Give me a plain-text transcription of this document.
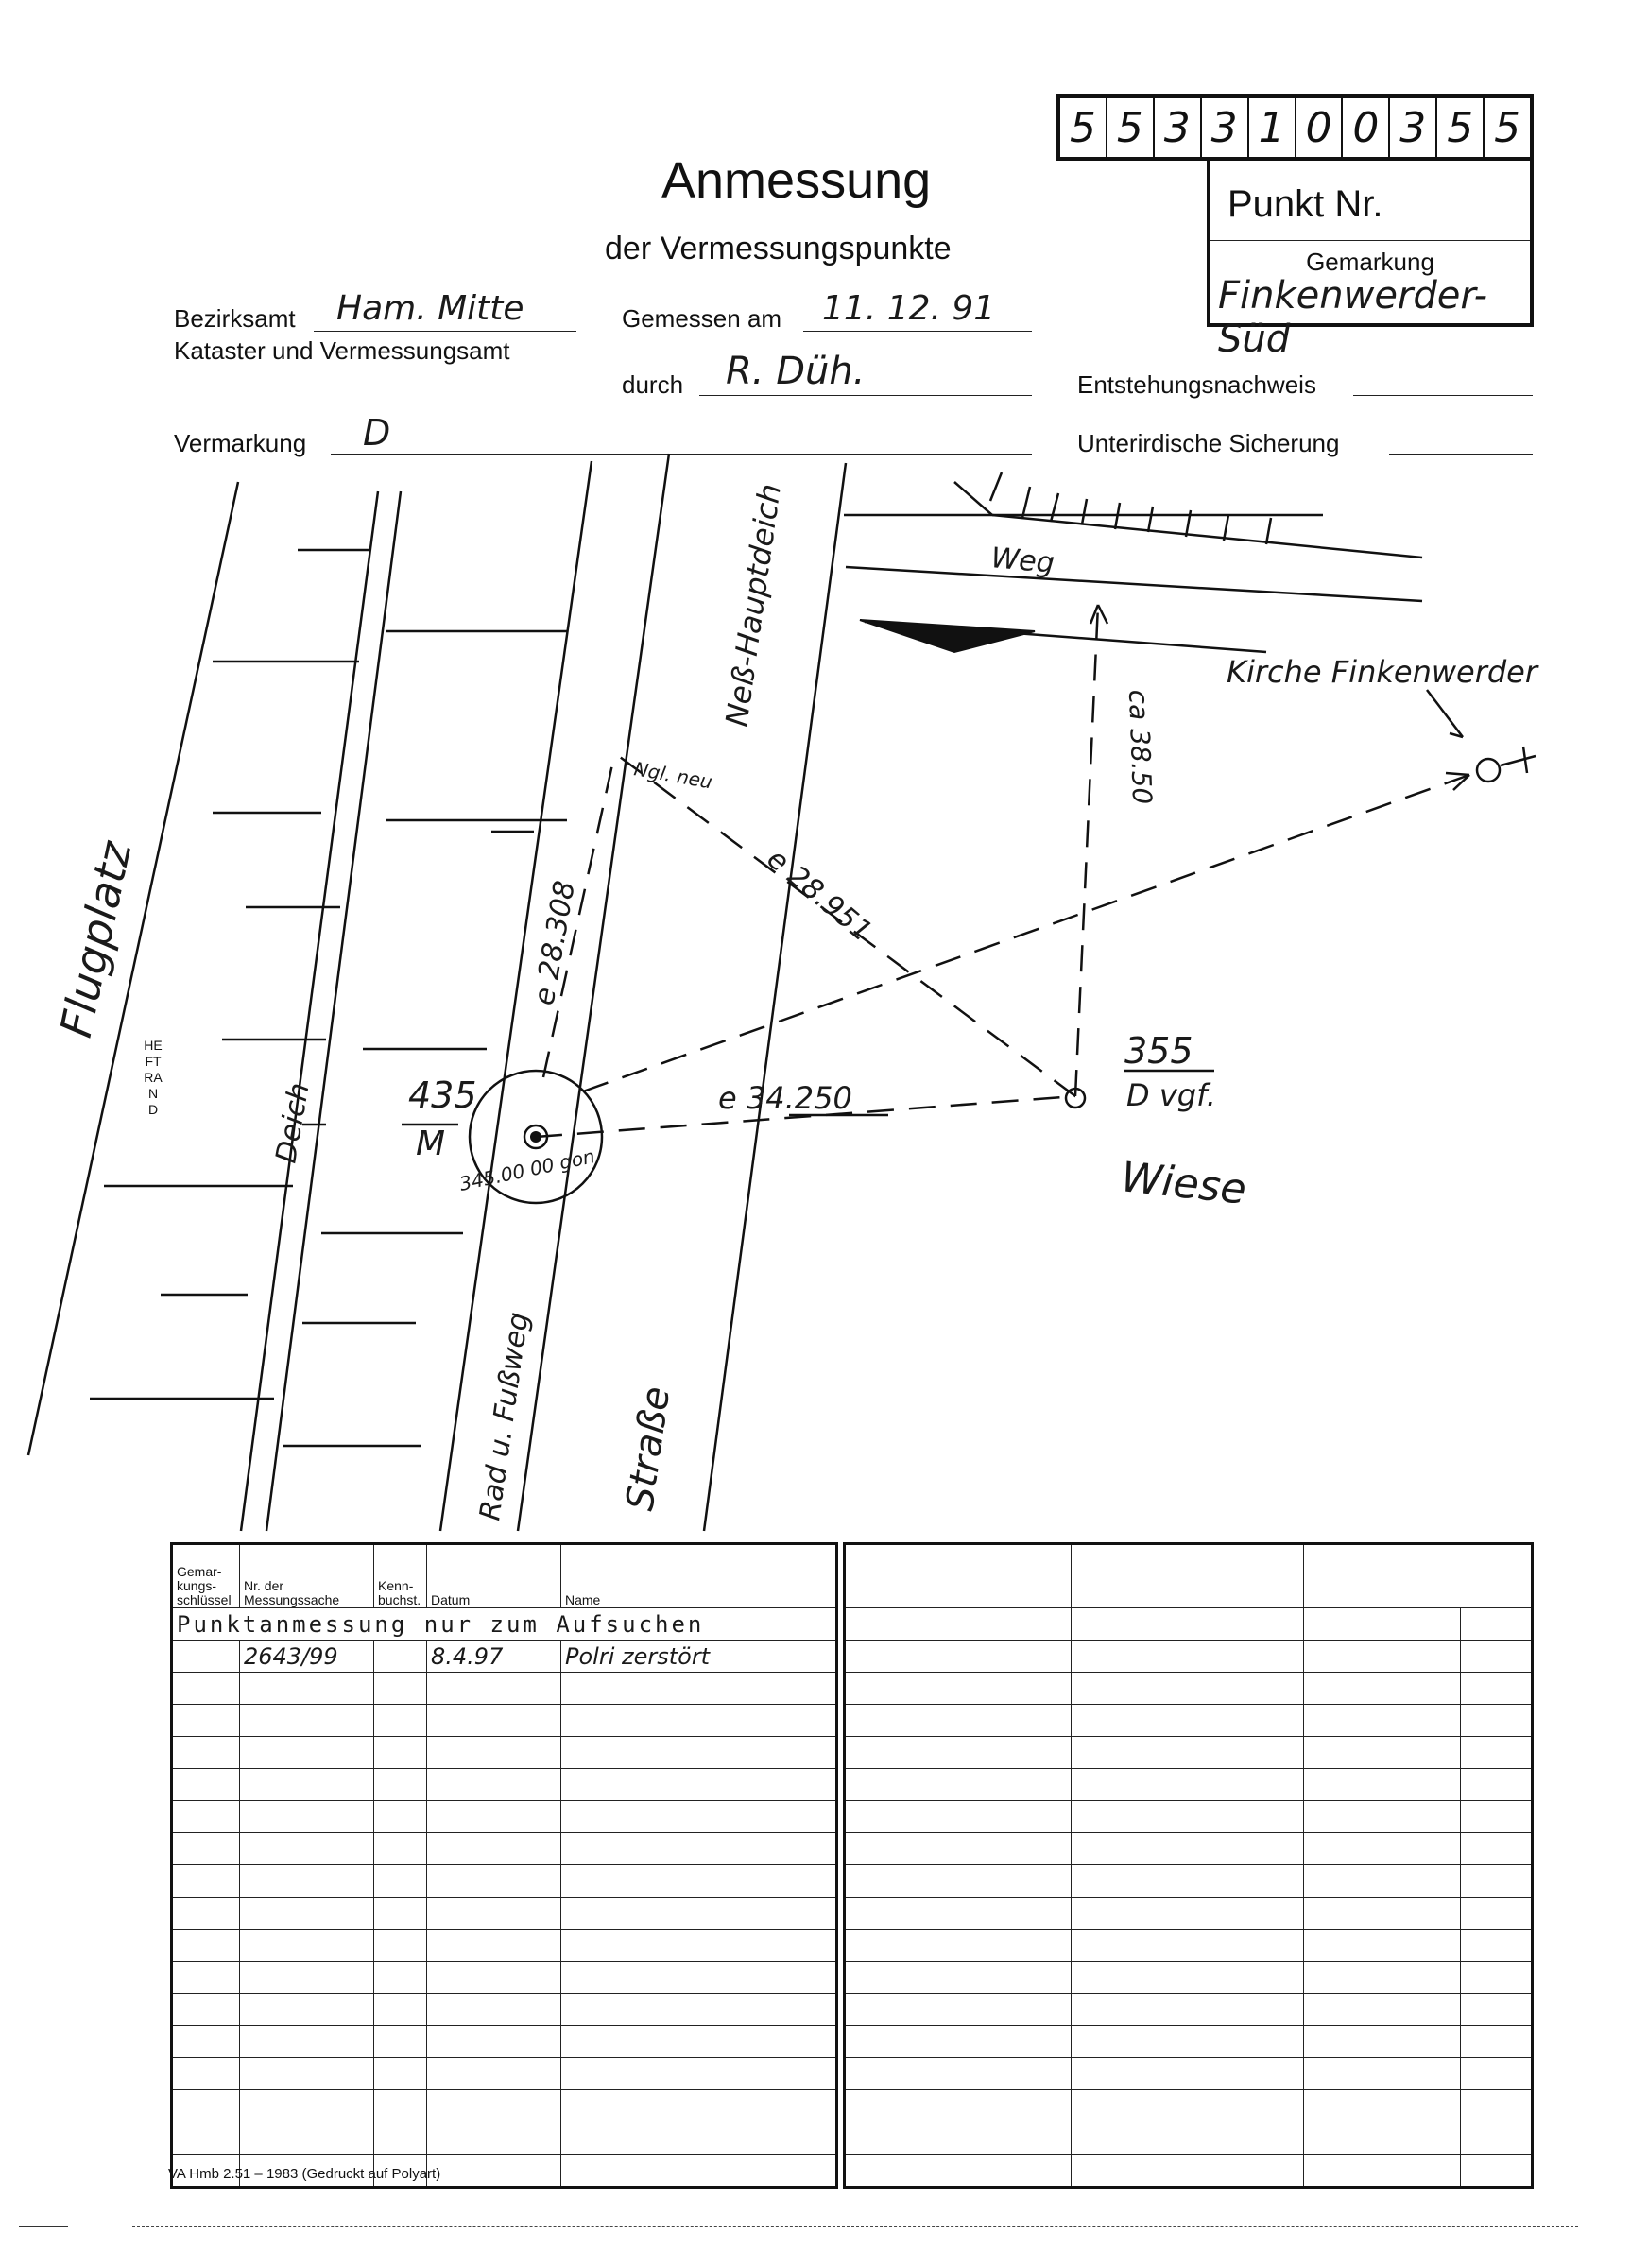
5 5 3 3 1 0 0 3 5 5
Punkt Nr.
Gemarkung
Finkenwerder-Süd
Anmessung
der Vermessungspunkte
Bezirksamt Ham. Mitte
Kataster und Vermessungsamt
Gemessen am 11. 12. 91
durch R. Düh.	Entstehungsnachweis
Vermarkung D	Unterirdische Sicherung
HEFTRAND
Flugplatz
Deich
Neß-Hauptdeich	Weg
Kirche Finkenwerder
Wiese
Straße
Rad u. Fußweg
Ngl. neu
e 28.308	e 28.951
e 34.250
ca 38.50
435
M
355
D vgf.
345.00 00 gon
Gemar-kungs-schlüssel	Nr. der Messungssache	Kenn-buchst.	Datum	Name
Punktanmessung nur zum Aufsuchen				
	2643/99		8.4.97	Polri zerstört

VA Hmb 2.51 – 1983 (Gedruckt auf Polyart)
